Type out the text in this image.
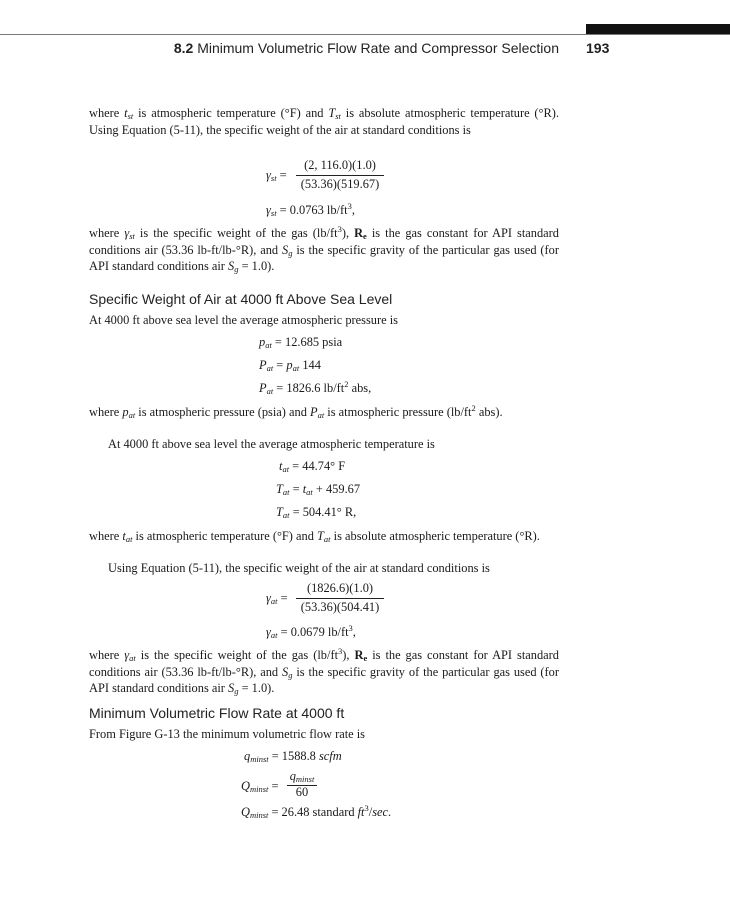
8.2 Minimum Volumetric Flow Rate and Compressor Selection 193
where $t_{st}$ is atmospheric temperature (°F) and $T_{st}$ is absolute atmospheric temperature (°R). Using Equation (5-11), the specific weight of the air at standard conditions is
$\gamma_{st}$ =
(2, 116.0)(1.0)
(53.36)(519.67)
$\gamma_{st} = 0.0763$ $lb/ft^3$,
where $\gamma_{st}$ is the specific weight of the gas $(lb/ft^3)$, $R_e$ is the gas constant for API standard conditions air (53.36 lb-ft/lb-°R), and $S_g$ is the specific gravity of the particular gas used (for API standard conditions air $S_g = 1.0$).
Specific Weight of Air at 4000 ft Above Sea Level
At 4000 ft above sea level the average atmospheric pressure is
$p_{at} = 12.685$ psia
$P_{at} = p_{at}$ 144
$P_{at} = 1826.6$ $lb/ft^2$ abs,
where $p_{at}$ is atmospheric pressure (psia) and $P_{at}$ is atmospheric pressure ($lb/ft^2$ abs).
At 4000 ft above sea level the average atmospheric temperature is
$t_{at} = 44.74^\circ$ F
$T_{at} = t_{at} + 459.67$
$T_{at} = 504.41^\circ$ R,
where $t_{at}$ is atmospheric temperature (°F) and $T_{at}$ is absolute atmospheric temperature (°R).
Using Equation (5-11), the specific weight of the air at standard conditions is
$\gamma_{at}$ =
(1826.6)(1.0)
(53.36)(504.41)
$\gamma_{at} = 0.0679$ $lb/ft^3$,
where $\gamma_{at}$ is the specific weight of the gas $(lb/ft^3)$, $R_e$ is the gas constant for API standard conditions air (53.36 lb-ft/lb-°R), and $S_g$ is the specific gravity of the particular gas used (for API standard conditions air $S_g = 1.0$).
Minimum Volumetric Flow Rate at 4000 ft
From Figure G-13 the minimum volumetric flow rate is
$q_{minst} = 1588.8$ scfm
$Q_{minst}$ =
$q_{minst}$
60
$Q_{minst} = 26.48$ standard $ft^3/\sec$.
